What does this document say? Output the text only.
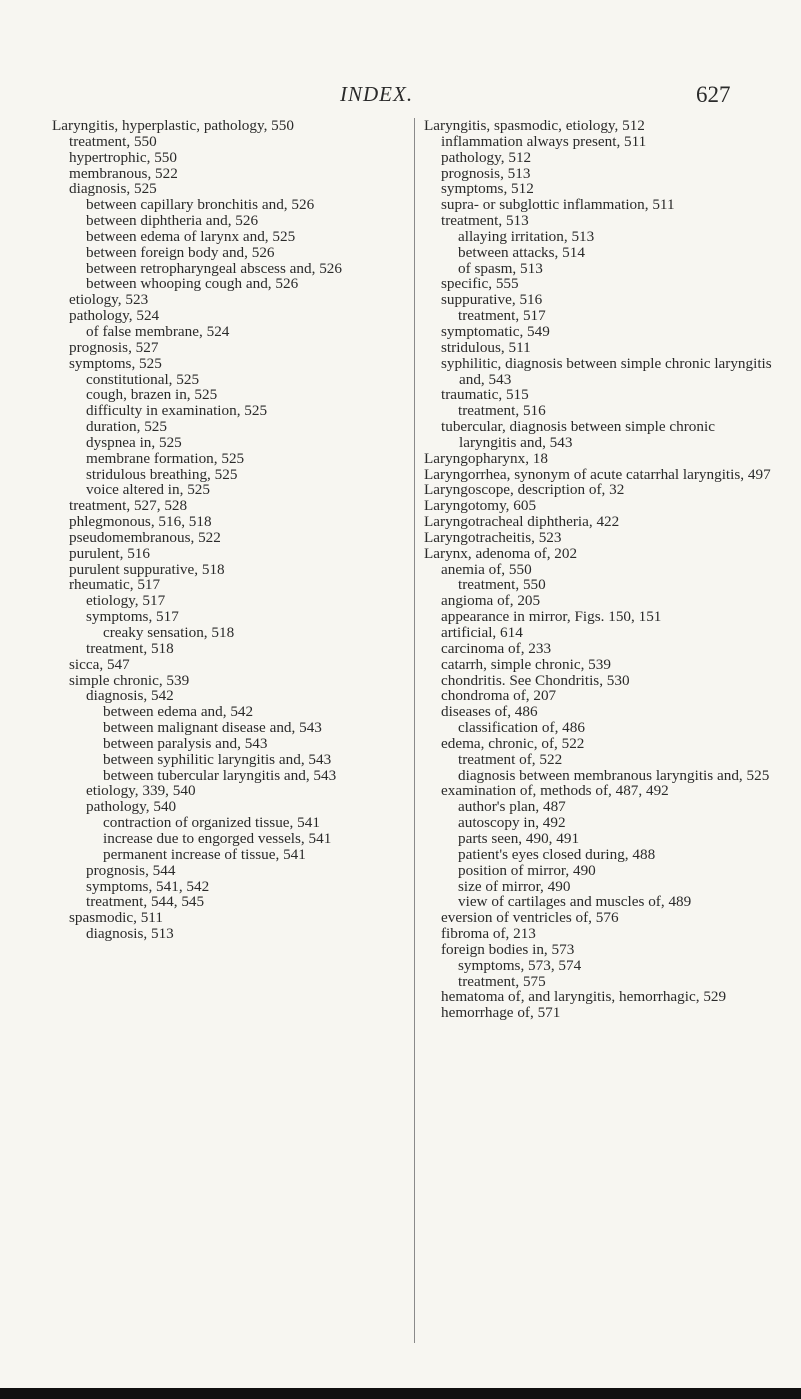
INDEX.	627
Laryngitis, hyperplastic, pathology, 550
treatment, 550
hypertrophic, 550
membranous, 522
diagnosis, 525
between capillary bronchitis and, 526
between diphtheria and, 526
between edema of larynx and, 525
between foreign body and, 526
between retropharyngeal abscess and, 526
between whooping cough and, 526
etiology, 523
pathology, 524
of false membrane, 524
prognosis, 527
symptoms, 525
constitutional, 525
cough, brazen in, 525
difficulty in examination, 525
duration, 525
dyspnea in, 525
membrane formation, 525
stridulous breathing, 525
voice altered in, 525
treatment, 527, 528
phlegmonous, 516, 518
pseudomembranous, 522
purulent, 516
purulent suppurative, 518
rheumatic, 517
etiology, 517
symptoms, 517
creaky sensation, 518
treatment, 518
sicca, 547
simple chronic, 539
diagnosis, 542
between edema and, 542
between malignant disease and, 543
between paralysis and, 543
between syphilitic laryngitis and, 543
between tubercular laryngitis and, 543
etiology, 339, 540
pathology, 540
contraction of organized tissue, 541
increase due to engorged vessels, 541
permanent increase of tissue, 541
prognosis, 544
symptoms, 541, 542
treatment, 544, 545
spasmodic, 511
diagnosis, 513
Laryngitis, spasmodic, etiology, 512
inflammation always present, 511
pathology, 512
prognosis, 513
symptoms, 512
supra- or subglottic inflammation, 511
treatment, 513
allaying irritation, 513
between attacks, 514
of spasm, 513
specific, 555
suppurative, 516
treatment, 517
symptomatic, 549
stridulous, 511
syphilitic, diagnosis between simple chronic laryngitis and, 543
traumatic, 515
treatment, 516
tubercular, diagnosis between simple chronic laryngitis and, 543
Laryngopharynx, 18
Laryngorrhea, synonym of acute catarrhal laryngitis, 497
Laryngoscope, description of, 32
Laryngotomy, 605
Laryngotracheal diphtheria, 422
Laryngotracheitis, 523
Larynx, adenoma of, 202
anemia of, 550
treatment, 550
angioma of, 205
appearance in mirror, Figs. 150, 151
artificial, 614
carcinoma of, 233
catarrh, simple chronic, 539
chondritis. See Chondritis, 530
chondroma of, 207
diseases of, 486
classification of, 486
edema, chronic, of, 522
treatment of, 522
diagnosis between membranous laryngitis and, 525
examination of, methods of, 487, 492
author's plan, 487
autoscopy in, 492
parts seen, 490, 491
patient's eyes closed during, 488
position of mirror, 490
size of mirror, 490
view of cartilages and muscles of, 489
eversion of ventricles of, 576
fibroma of, 213
foreign bodies in, 573
symptoms, 573, 574
treatment, 575
hematoma of, and laryngitis, hemorrhagic, 529
hemorrhage of, 571
